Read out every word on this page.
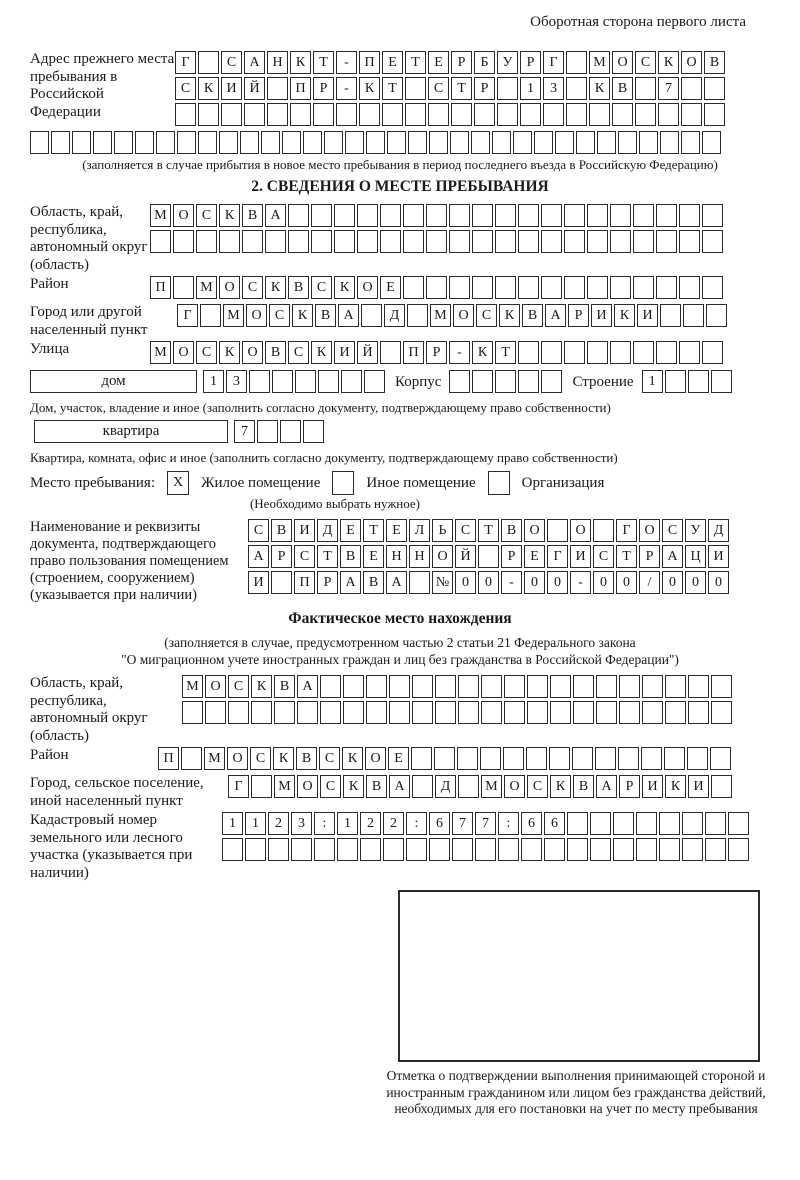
Оборотная сторона первого листа
Адрес прежнего места пребывания в Российской Федерации
Г	С А Н К	Т	-	П Е	Т	Е	Р	Б	У	Р	Г	М О С К О В
С К И Й	П	Р	-	К	Т	С	Т	Р	1	3	К В	7
(заполняется в случае прибытия в новое место пребывания в период последнего въезда в Российскую Федерацию)
2. СВЕДЕНИЯ О МЕСТЕ ПРЕБЫВАНИЯ
Область, край, республика, автономный округ (область)
М О С К В А
Район	П	М О С К В С К О Е
Город или другой населенный пункт
Г	М О С К В А	Д	М О С К В А	Р	И К И
Улица	М О С К О В С К И Й	П	Р	-	К	Т
дом	1	3	Корпус	Строение	1
Дом, участок, владение и иное (заполнить согласно документу, подтверждающему право собственности)
квартира	7
Квартира, комната, офис и иное (заполнить согласно документу, подтверждающему право собственности)
Место пребывания:	X	Жилое помещение	Иное помещение	Организация
(Необходимо выбрать нужное)
Наименование и реквизиты документа, подтверждающего право пользования помещением (строением, сооружением) (указывается при наличии)
С В И Д Е	Т	Е Л	Ь	С	Т	В О	О	Г О С У Д
А	Р	С	Т	В	Е Н Н О Й	Р	Е	Г И С	Т	Р	А Ц И
И	П	Р	А В А	№ 0	0	-	0	0	-	0	0	/	0	0	0
Фактическое место нахождения
(заполняется в случае, предусмотренном частью 2 статьи 21 Федерального закона
"О миграционном учете иностранных граждан и лиц без гражданства в Российской Федерации")
Область, край, республика, автономный округ (область)
М О С К В А
Район	П	М О С К В С К О Е
Город, сельское поселение, иной населенный пункт
Г	М О С К В А	Д	М О С К В А	Р	И К И
Кадастровый номер земельного или лесного участка (указывается при наличии)
1	1	2	3	:	1	2	2	:	6	7	7	:	6	6
Отметка о подтверждении выполнения принимающей стороной и иностранным гражданином или лицом без гражданства действий, необходимых для его постановки на учет по месту пребывания
